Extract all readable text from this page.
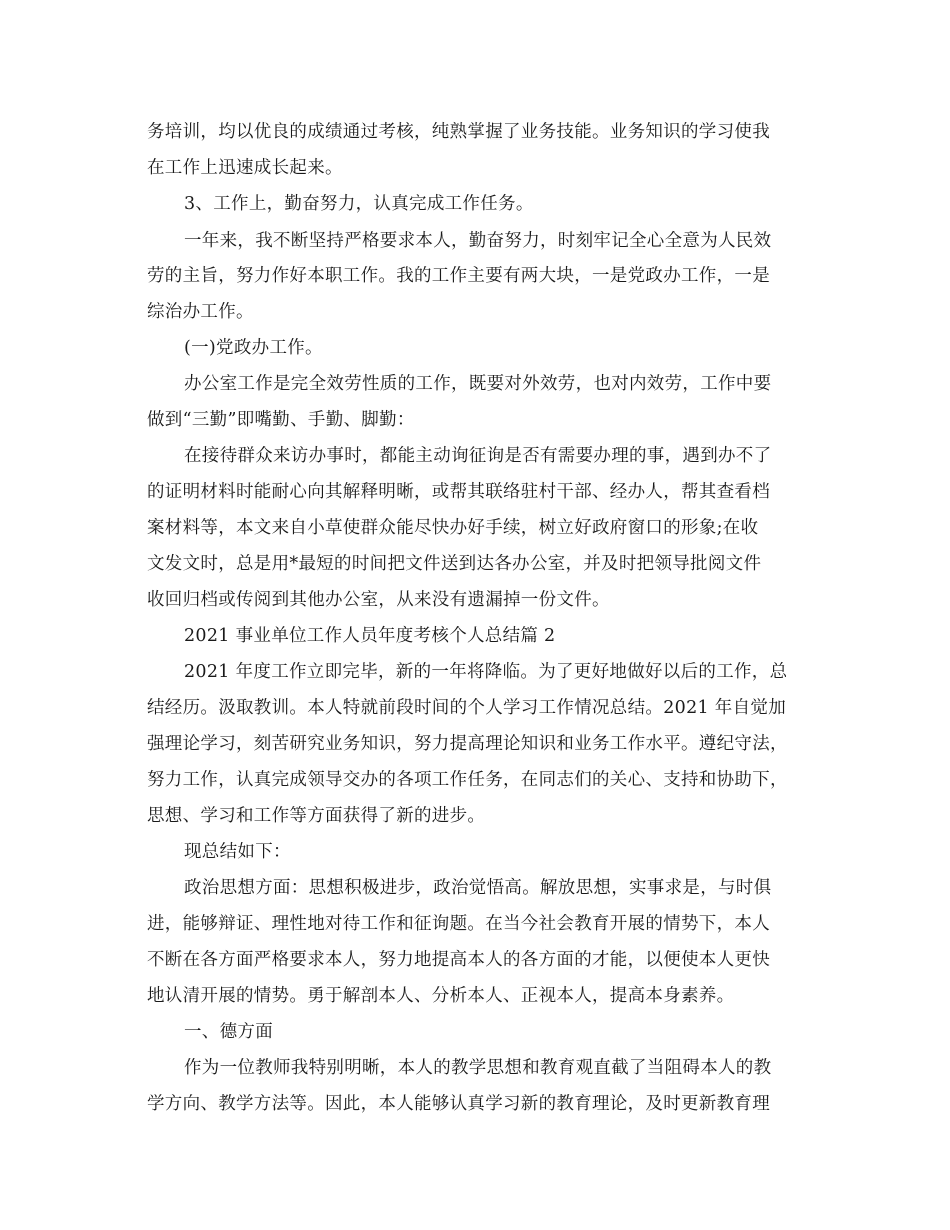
务培训，均以优良的成绩通过考核，纯熟掌握了业务技能。业务知识的学习使我
在工作上迅速成长起来。
3、工作上，勤奋努力，认真完成工作任务。
一年来，我不断坚持严格要求本人，勤奋努力，时刻牢记全心全意为人民效
劳的主旨，努力作好本职工作。我的工作主要有两大块，一是党政办工作，一是
综治办工作。
(一)党政办工作。
办公室工作是完全效劳性质的工作，既要对外效劳，也对内效劳，工作中要
做到“三勤”即嘴勤、手勤、脚勤：
在接待群众来访办事时，都能主动询征询是否有需要办理的事，遇到办不了
的证明材料时能耐心向其解释明晰，或帮其联络驻村干部、经办人，帮其查看档
案材料等，本文来自小草使群众能尽快办好手续，树立好政府窗口的形象;在收
文发文时，总是用*最短的时间把文件送到达各办公室，并及时把领导批阅文件
收回归档或传阅到其他办公室，从来没有遗漏掉一份文件。
2021 事业单位工作人员年度考核个人总结篇 2
2021 年度工作立即完毕，新的一年将降临。为了更好地做好以后的工作，总
结经历。汲取教训。本人特就前段时间的个人学习工作情况总结。2021 年自觉加
强理论学习，刻苦研究业务知识，努力提高理论知识和业务工作水平。遵纪守法，
努力工作，认真完成领导交办的各项工作任务，在同志们的关心、支持和协助下，
思想、学习和工作等方面获得了新的进步。
现总结如下：
政治思想方面：思想积极进步，政治觉悟高。解放思想，实事求是，与时俱
进，能够辩证、理性地对待工作和征询题。在当今社会教育开展的情势下，本人
不断在各方面严格要求本人，努力地提高本人的各方面的才能，以便使本人更快
地认清开展的情势。勇于解剖本人、分析本人、正视本人，提高本身素养。
一、德方面
作为一位教师我特别明晰，本人的教学思想和教育观直截了当阻碍本人的教
学方向、教学方法等。因此，本人能够认真学习新的教育理论，及时更新教育理
